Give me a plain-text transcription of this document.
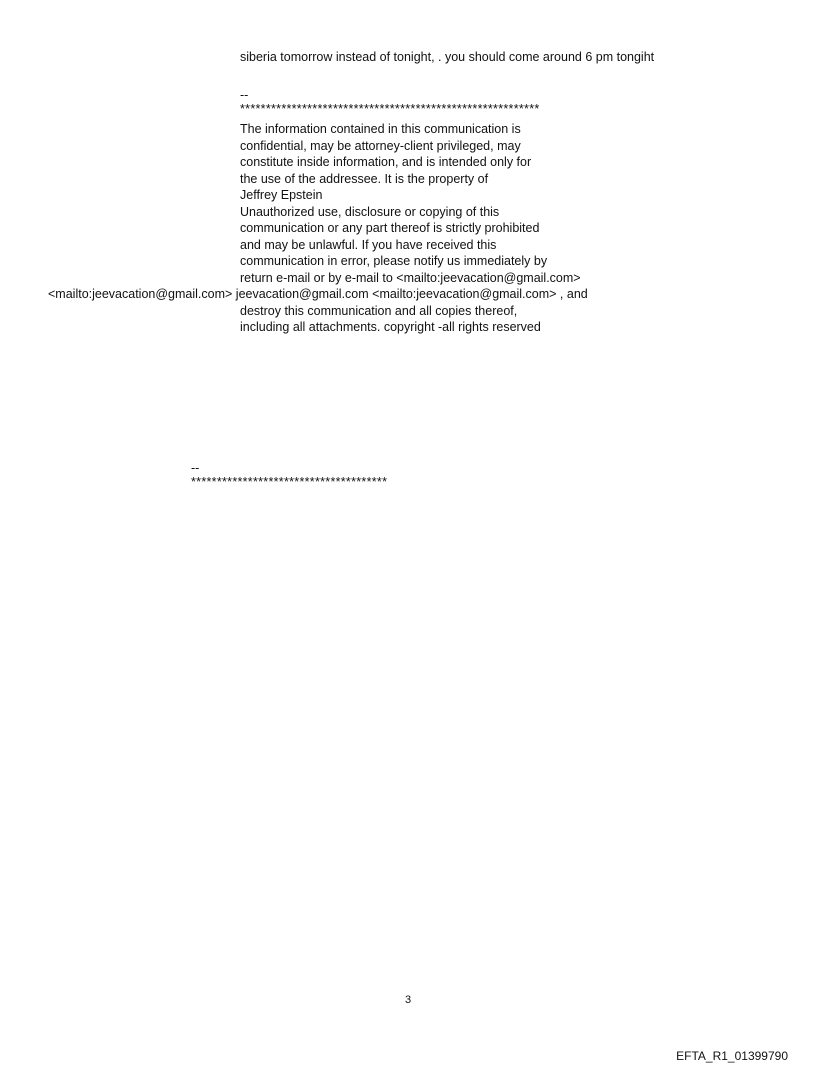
siberia tomorrow instead of tonight, . you should come around 6 pm tongiht
--
**********************************************************
The information contained in this communication is
confidential, may be attorney-client privileged, may
constitute inside information, and is intended only for
the use of the addressee. It is the property of
Jeffrey Epstein
Unauthorized use, disclosure or copying of this
communication or any part thereof is strictly prohibited
and may be unlawful. If you have received this
communication in error, please notify us immediately by
return e-mail or by e-mail to <mailto:jeevacation@gmail.com>
<mailto:jeevacation@gmail.com> jeevacation@gmail.com <mailto:jeevacation@gmail.com> , and
destroy this communication and all copies thereof,
including all attachments. copyright -all rights reserved
--
**************************************
3
EFTA_R1_01399790
